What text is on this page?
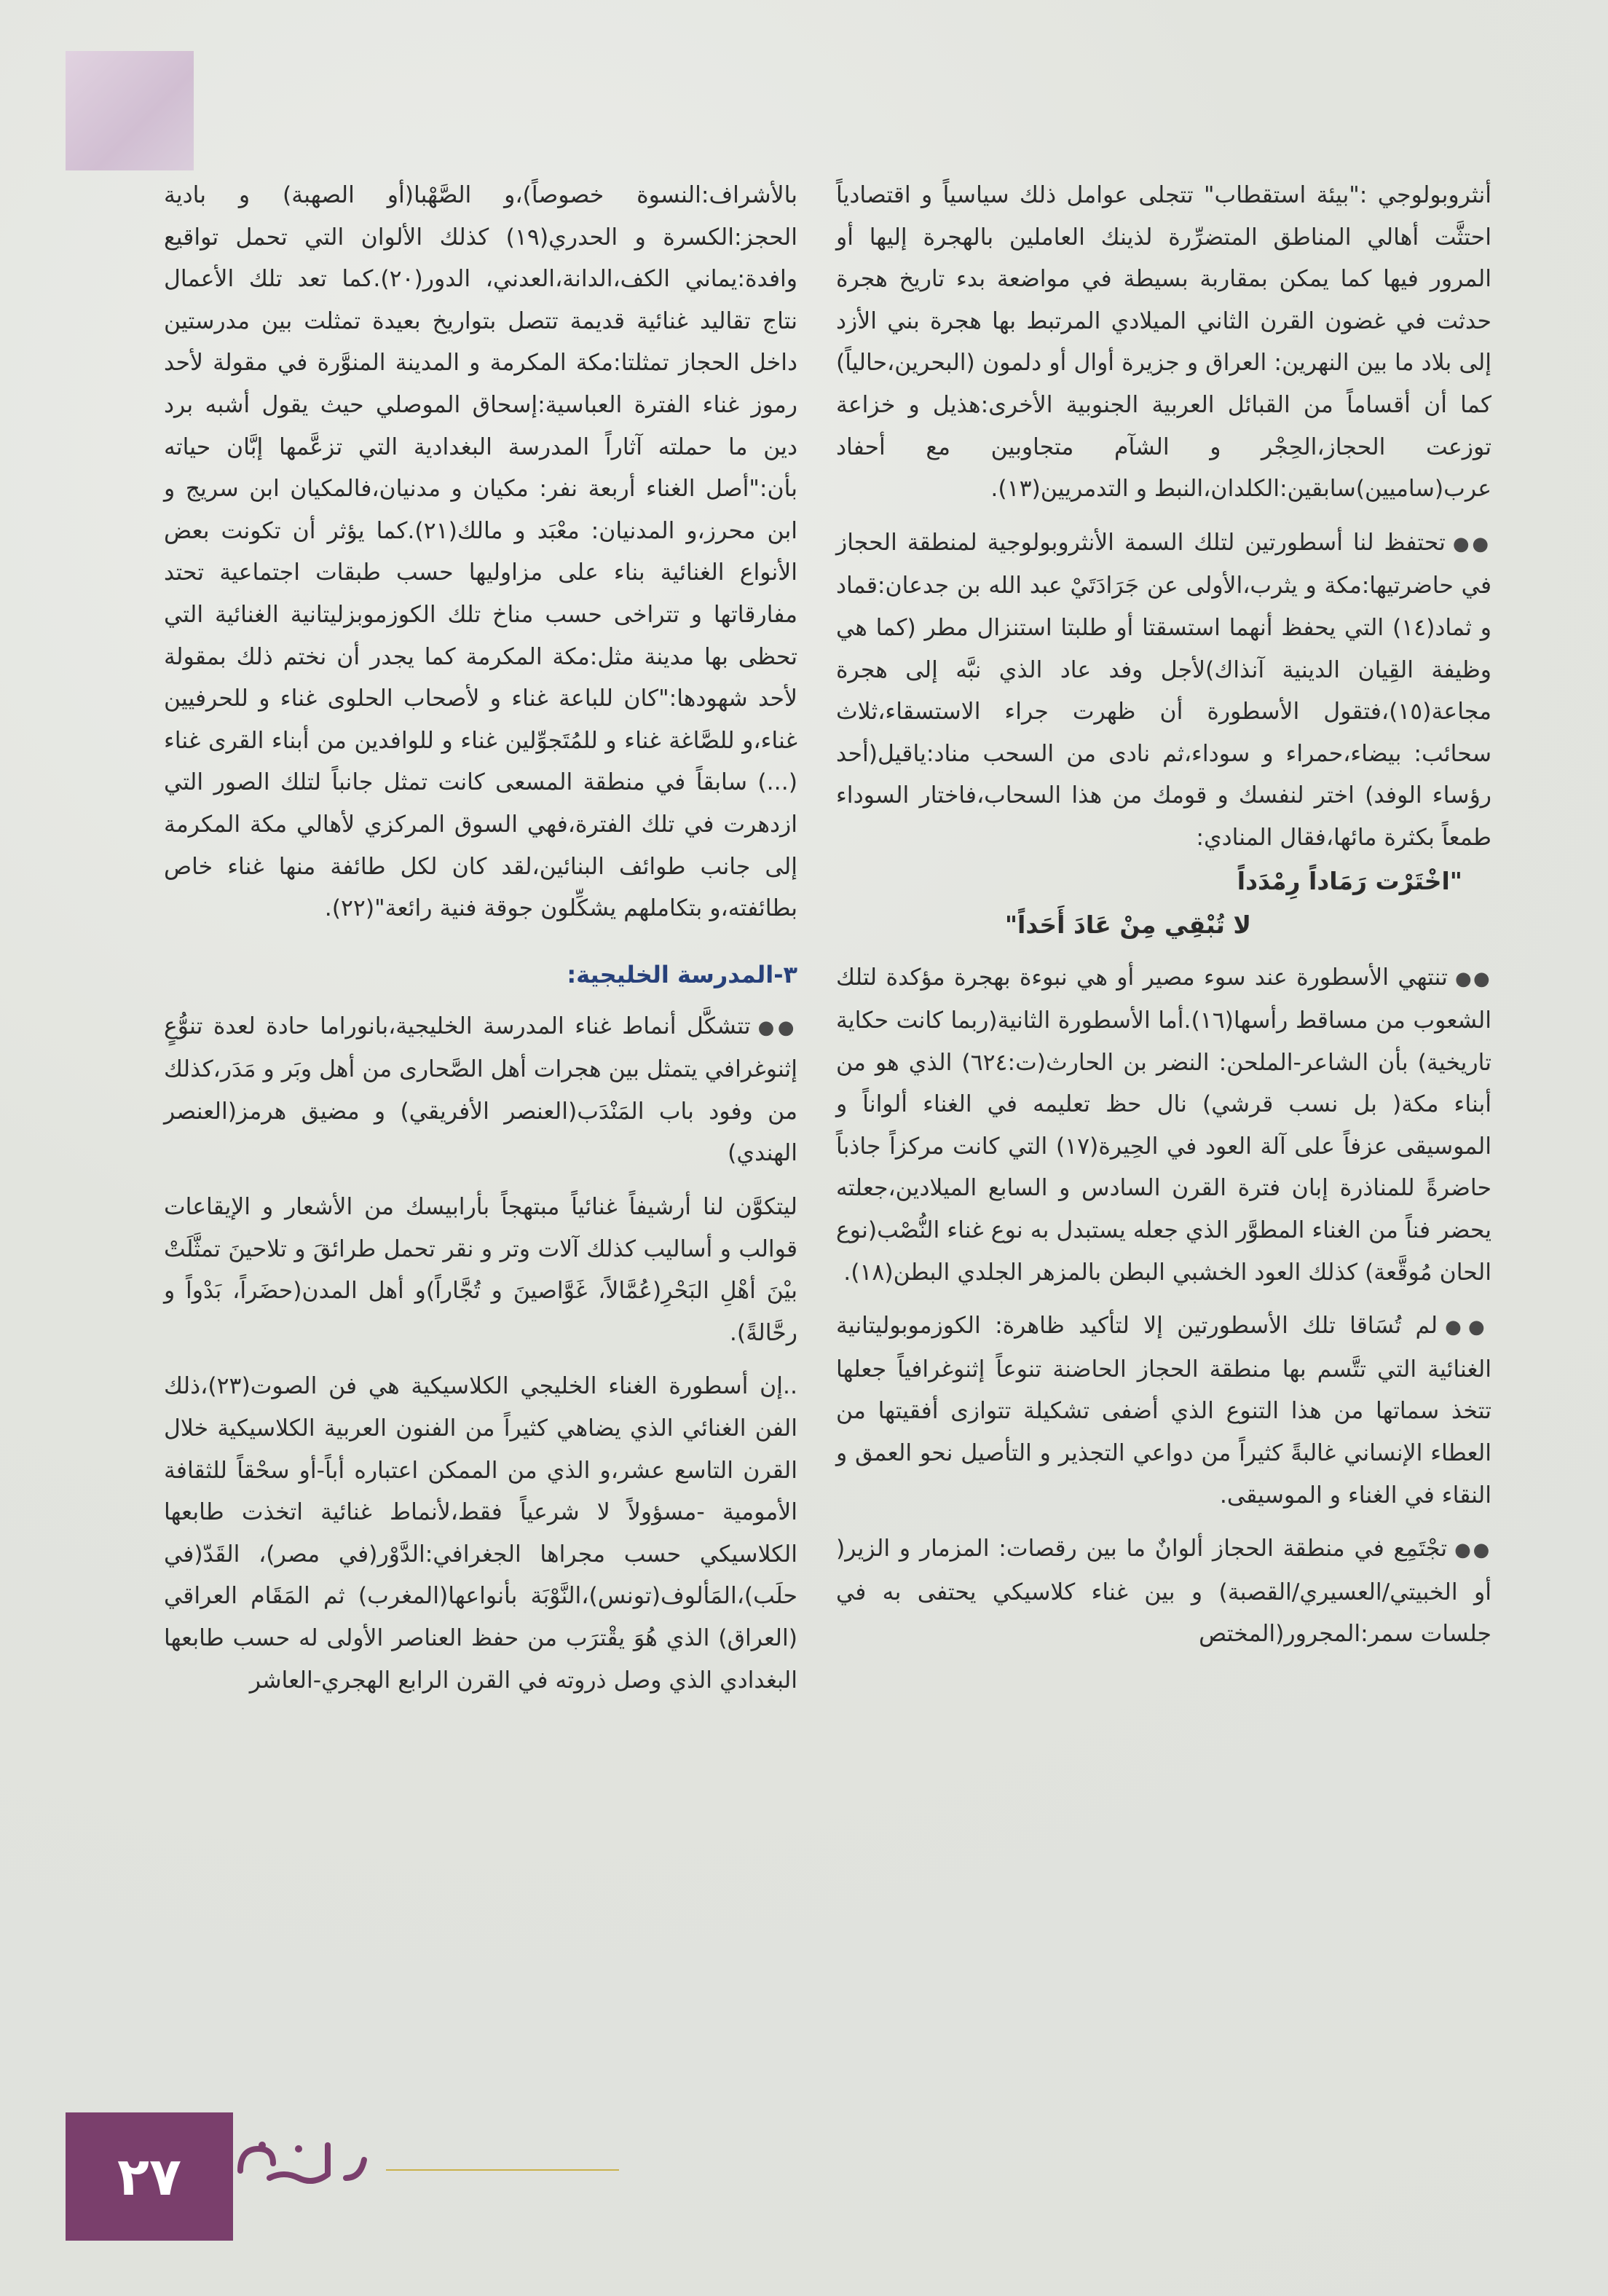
أنثروبولوجي :"بيئة استقطاب" تتجلى عوامل ذلك سياسياً و اقتصادياً احتثَّت أهالي المناطق المتضرِّرة لذينك العاملين بالهجرة إليها أو المرور فيها كما يمكن بمقاربة بسيطة في مواضعة بدء تاريخ هجرة حدثت في غضون القرن الثاني الميلادي المرتبط بها هجرة بني الأزد إلى بلاد ما بين النهرين: العراق و جزيرة أوال أو دلمون (البحرين،حالياً) كما أن أقساماً من القبائل العربية الجنوبية الأخرى:هذيل و خزاعة توزعت الحجاز،الحِجْر و الشآم متجاوبين مع أحفاد عرب(ساميين)سابقين:الكلدان،النبط و التدمريين(١٣).

●●تحتفظ لنا أسطورتين لتلك السمة الأنثروبولوجية لمنطقة الحجاز في حاضرتيها:مكة و يثرب،الأولى عن جَرَادَتَيْ عبد الله بن جدعان:قماد و ثماد(١٤) التي يحفظ أنهما استسقتا أو طلبتا استنزال مطر (كما هي وظيفة القِيان الدينية آنذاك)لأجل وفد عاد الذي نبَّه إلى هجرة مجاعة(١٥)،فتقول الأسطورة أن ظهرت جراء الاستسقاء،ثلاث سحائب: بيضاء،حمراء و سوداء،ثم نادى من السحب مناد:ياقيل(أحد رؤساء الوفد) اختر لنفسك و قومك من هذا السحاب،فاختار السوداء طمعاً بكثرة مائها،فقال المنادي:

"اخْتَرْت رَمَاداً رِمْدَداً
لا تُبْقِي مِنْ عَادَ أَحَداً"

●●تنتهي الأسطورة عند سوء مصير أو هي نبوءة بهجرة مؤكدة لتلك الشعوب من مساقط رأسها(١٦).أما الأسطورة الثانية(ربما كانت حكاية تاريخية) بأن الشاعر-الملحن: النضر بن الحارث(ت:٦٢٤) الذي هو من أبناء مكة( بل نسب قرشي) نال حظ تعليمه في الغناء ألواناً و الموسيقى عزفاً على آلة العود في الحِيرة(١٧) التي كانت مركزاً جاذباً حاضرةً للمناذرة إبان فترة القرن السادس و السابع الميلادين،جعلته يحضر فناً من الغناء المطوَّر الذي جعله يستبدل به نوع غناء النُّصْب(نوع الحان مُوقَّعة) كذلك العود الخشبي البطن بالمزهر الجلدي البطن(١٨).

●●لم تُسَاقا تلك الأسطورتين إلا لتأكيد ظاهرة: الكوزموبوليتانية الغنائية التي تتَّسم بها منطقة الحجاز الحاضنة تنوعاً إثنوغرافياً جعلها تتخذ سماتها من هذا التنوع الذي أضفى تشكيلة تتوازى أفقيتها من العطاء الإنساني غالبةً كثيراً من دواعي التجذير و التأصيل نحو العمق و النقاء في الغناء و الموسيقى.

●●تجْتَمِع في منطقة الحجاز ألوانٌ ما بين رقصات: المزمار و الزير( أو الخبيتي/العسيري/القصبة) و بين غناء كلاسيكي يحتفى به في جلسات سمر:المجرور(المختص

بالأشراف:النسوة خصوصاً)،و الصَّهْبا(أو الصهبة) و بادية الحجز:الكسرة و الحدري(١٩) كذلك الألوان التي تحمل تواقيع وافدة:يماني الكف،الدانة،العدني، الدور(٢٠).كما تعد تلك الأعمال نتاج تقاليد غنائية قديمة تتصل بتواريخ بعيدة تمثلت بين مدرستين داخل الحجاز تمثلتا:مكة المكرمة و المدينة المنوَّرة في مقولة لأحد رموز غناء الفترة العباسية:إسحاق الموصلي حيث يقول أشبه برد دين ما حملته آثاراً المدرسة البغدادية التي تزعَّمها إبَّان حياته بأن:"أصل الغناء أربعة نفر: مكيان و مدنيان،فالمكيان ابن سريج و ابن محرز،و المدنيان: معْبَد و مالك(٢١).كما يؤثر أن تكونت بعض الأنواع الغنائية بناء على مزاوليها حسب طبقات اجتماعية تحتد مفارقاتها و تتراخى حسب مناخ تلك الكوزموبزليتانية الغنائية التي تحظى بها مدينة مثل:مكة المكرمة كما يجدر أن نختم ذلك بمقولة لأحد شهودها:"كان للباعة غناء و لأصحاب الحلوى غناء و للحرفيين غناء،و للصَّاغة غناء و للمُتَجوِّلين غناء و للوافدين من أبناء القرى غناء (...) سابقاً في منطقة المسعى كانت تمثل جانباً لتلك الصور التي ازدهرت في تلك الفترة،فهي السوق المركزي لأهالي مكة المكرمة إلى جانب طوائف البنائين،لقد كان لكل طائفة منها غناء خاص بطائفته،و بتكاملهم يشكِّلون جوقة فنية رائعة"(٢٢).

٣-المدرسة الخليجية:

●●تتشكَّل أنماط غناء المدرسة الخليجية،بانوراما حادة لعدة تنوُّعٍ إثنوغرافي يتمثل بين هجرات أهل الصَّحارى من أهل وبَر و مَدَر،كذلك من وفود باب المَنْدَب(العنصر الأفريقي) و مضيق هرمز(العنصر الهندي)

ليتكوَّن لنا أرشيفاً غنائياً مبتهجاً بأرابيسك من الأشعار و الإيقاعات قوالب و أساليب كذلك آلات وتر و نقر تحمل طرائقَ و تلاحينَ تمثَّلَتْ بيْنَ أهْلِ البَحْرِ(عُمَّالاً، غَوَّاصينَ و تُجَّاراً)و أهل المدن(حضَراً، بَدْواً و رحَّالةً).

..إن أسطورة الغناء الخليجي الكلاسيكية هي فن الصوت(٢٣)،ذلك الفن الغنائي الذي يضاهي كثيراً من الفنون العربية الكلاسيكية خلال القرن التاسع عشر،و الذي من الممكن اعتباره أباً-أو سحْقاً للثقافة الأمومية -مسؤولاً لا شرعياً فقط،لأنماط غنائية اتخذت طابعها الكلاسيكي حسب مجراها الجغرافي:الدَّوْر(في مصر)، القَدّ(في حلَب)،المَألوف(تونس)،النَّوْبَة بأنواعها(المغرب) ثم المَقَام العراقي (العراق) الذي هُوَ يقْترَب من حفظ العناصر الأولى له حسب طابعها البغدادي الذي وصل ذروته في القرن الرابع الهجري-العاشر

٢٧
